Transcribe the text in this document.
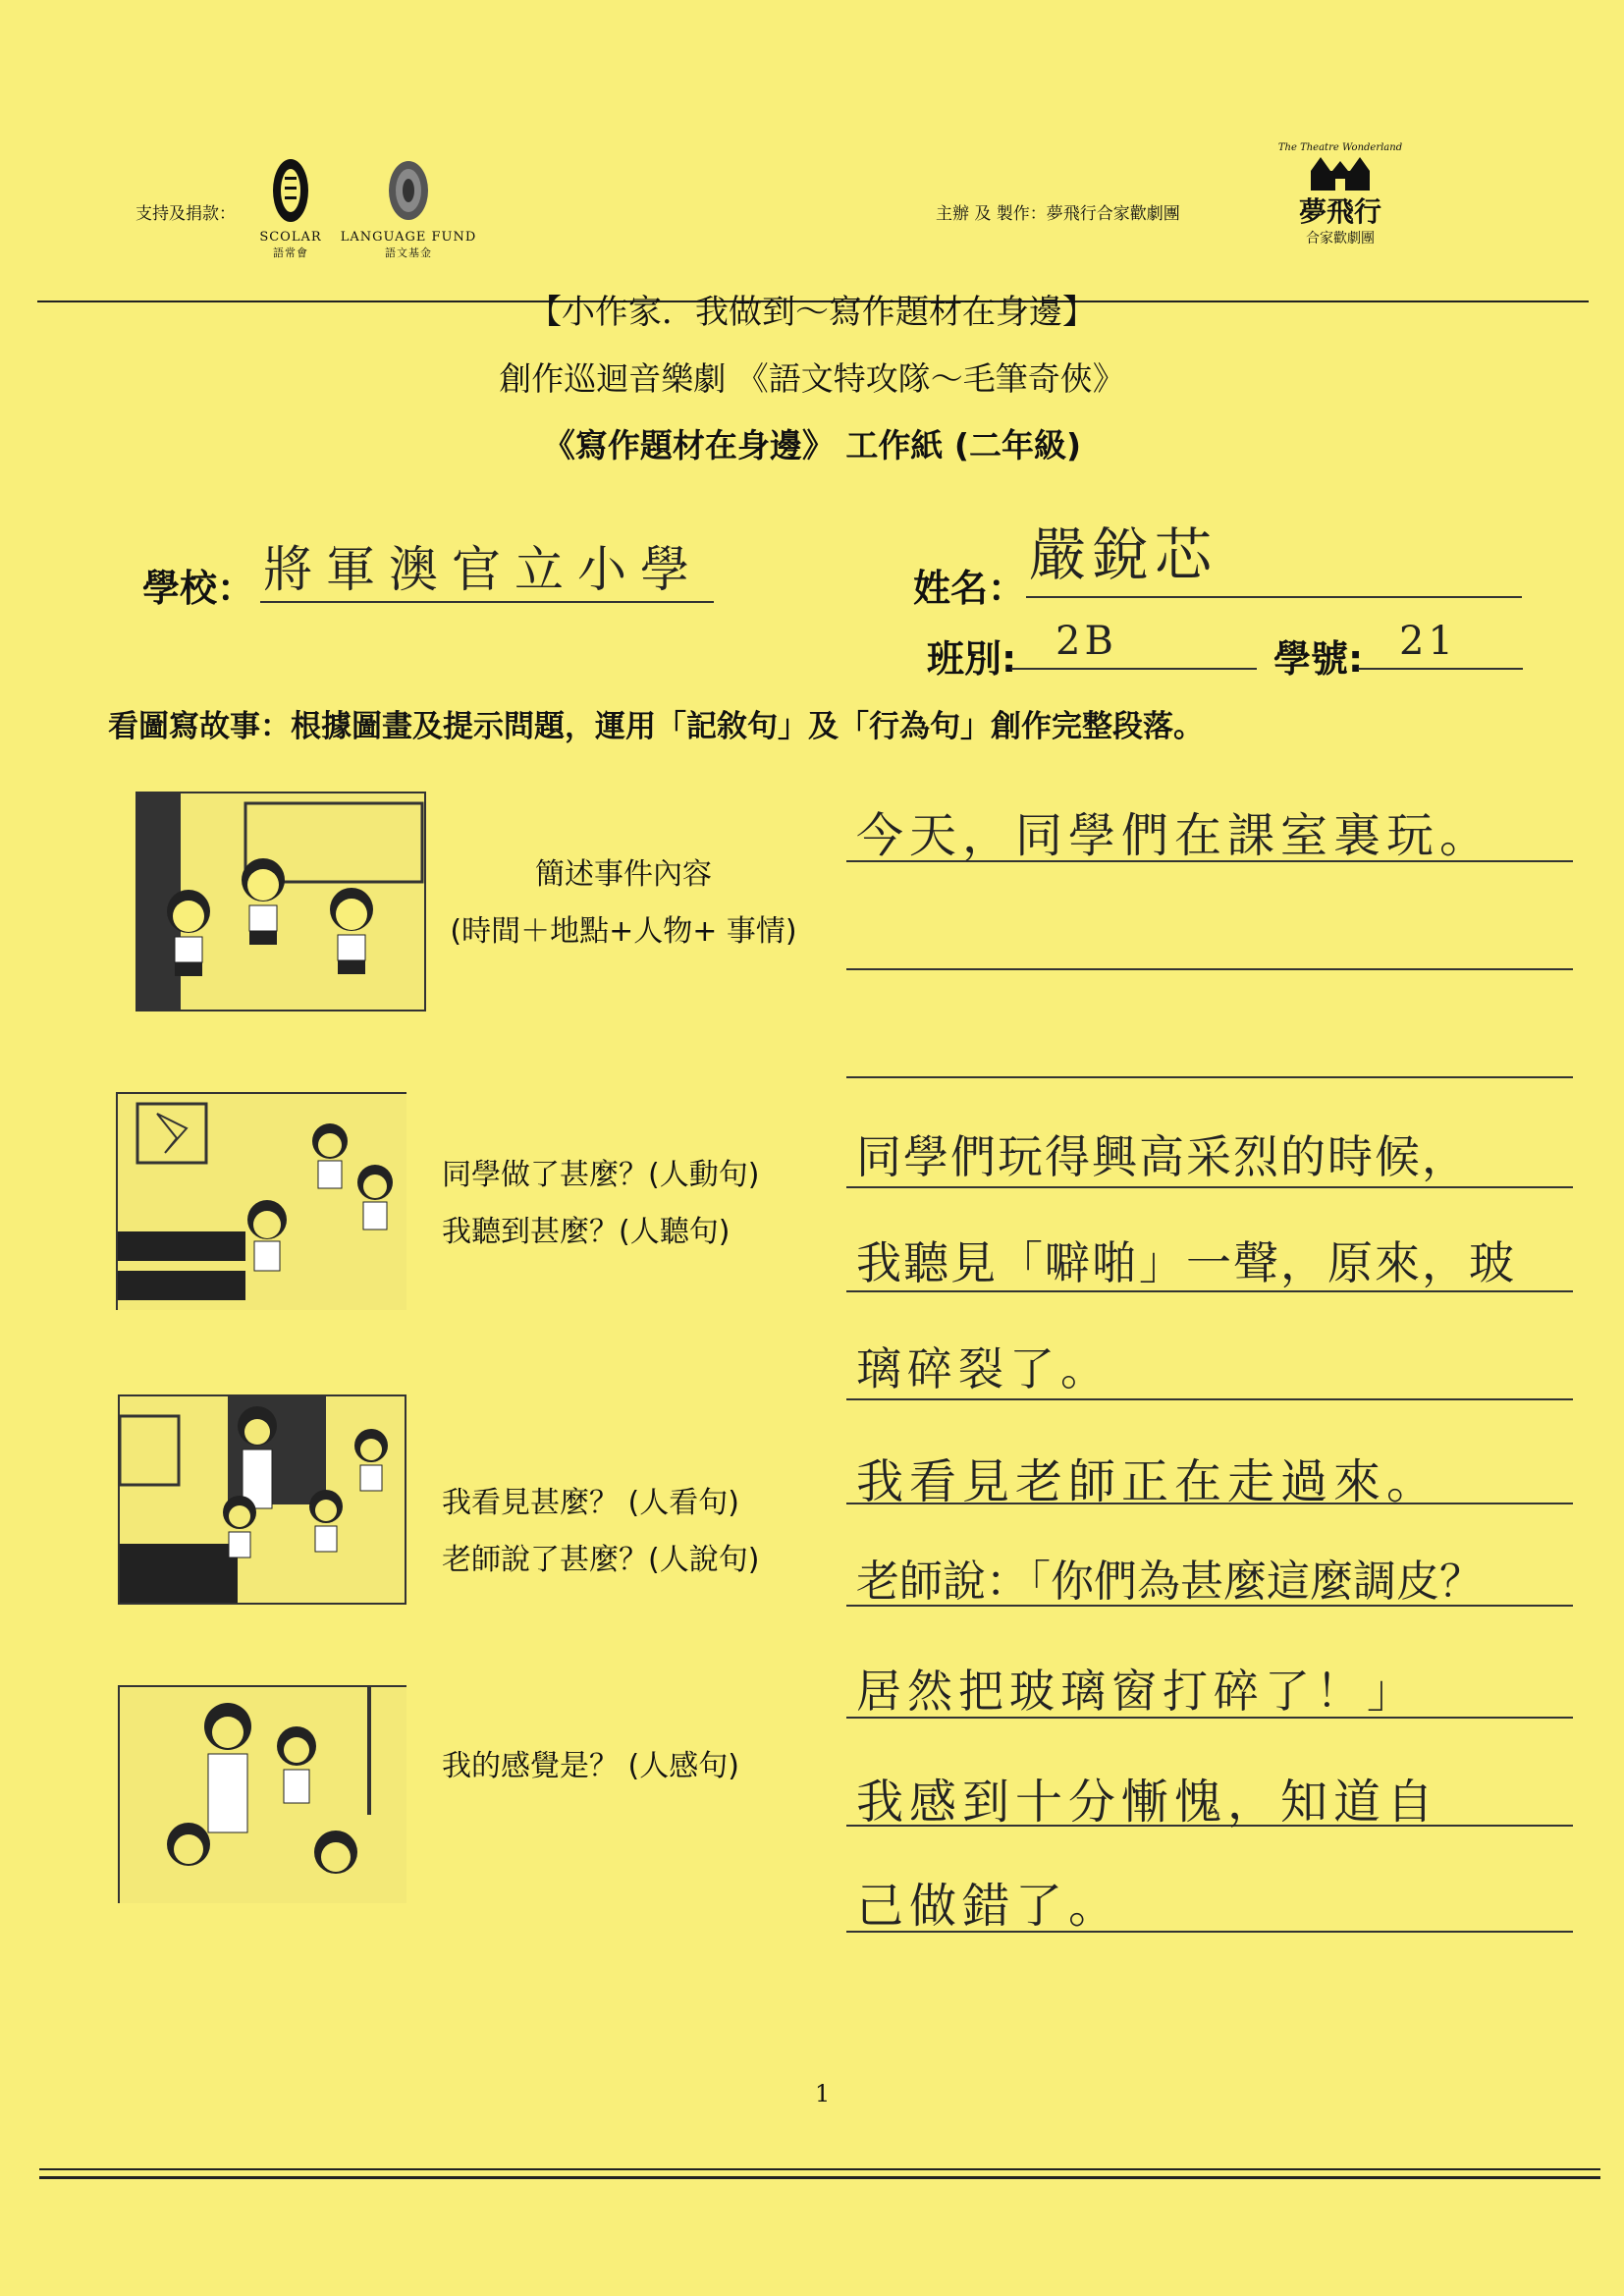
支持及捐款：
SCOLAR
語常會
LANGUAGE FUND
語文基金
主辦 及 製作：夢飛行合家歡劇團
The Theatre Wonderland
夢飛行
合家歡劇團
【小作家．我做到～寫作題材在身邊】
創作巡迴音樂劇 《語文特攻隊～毛筆奇俠》
《寫作題材在身邊》 工作紙 (二年級)
學校： 將軍澳官立小學	姓名： 嚴銳芯
班別: 2B	學號: 21
看圖寫故事：根據圖畫及提示問題，運用「記敘句」及「行為句」創作完整段落。
簡述事件內容
(時間＋地點+人物+ 事情)
同學做了甚麼？(人動句)
我聽到甚麼？(人聽句)
我看見甚麼？ (人看句)
老師說了甚麼？(人說句)
我的感覺是？ (人感句)
今天，同學們在課室裏玩。
同學們玩得興高采烈的時候，
我聽見「噼啪」一聲，原來，玻
璃碎裂了。
我看見老師正在走過來。
老師說：「你們為甚麼這麼調皮？
居然把玻璃窗打碎了！」
我感到十分慚愧，知道自
己做錯了。
1
